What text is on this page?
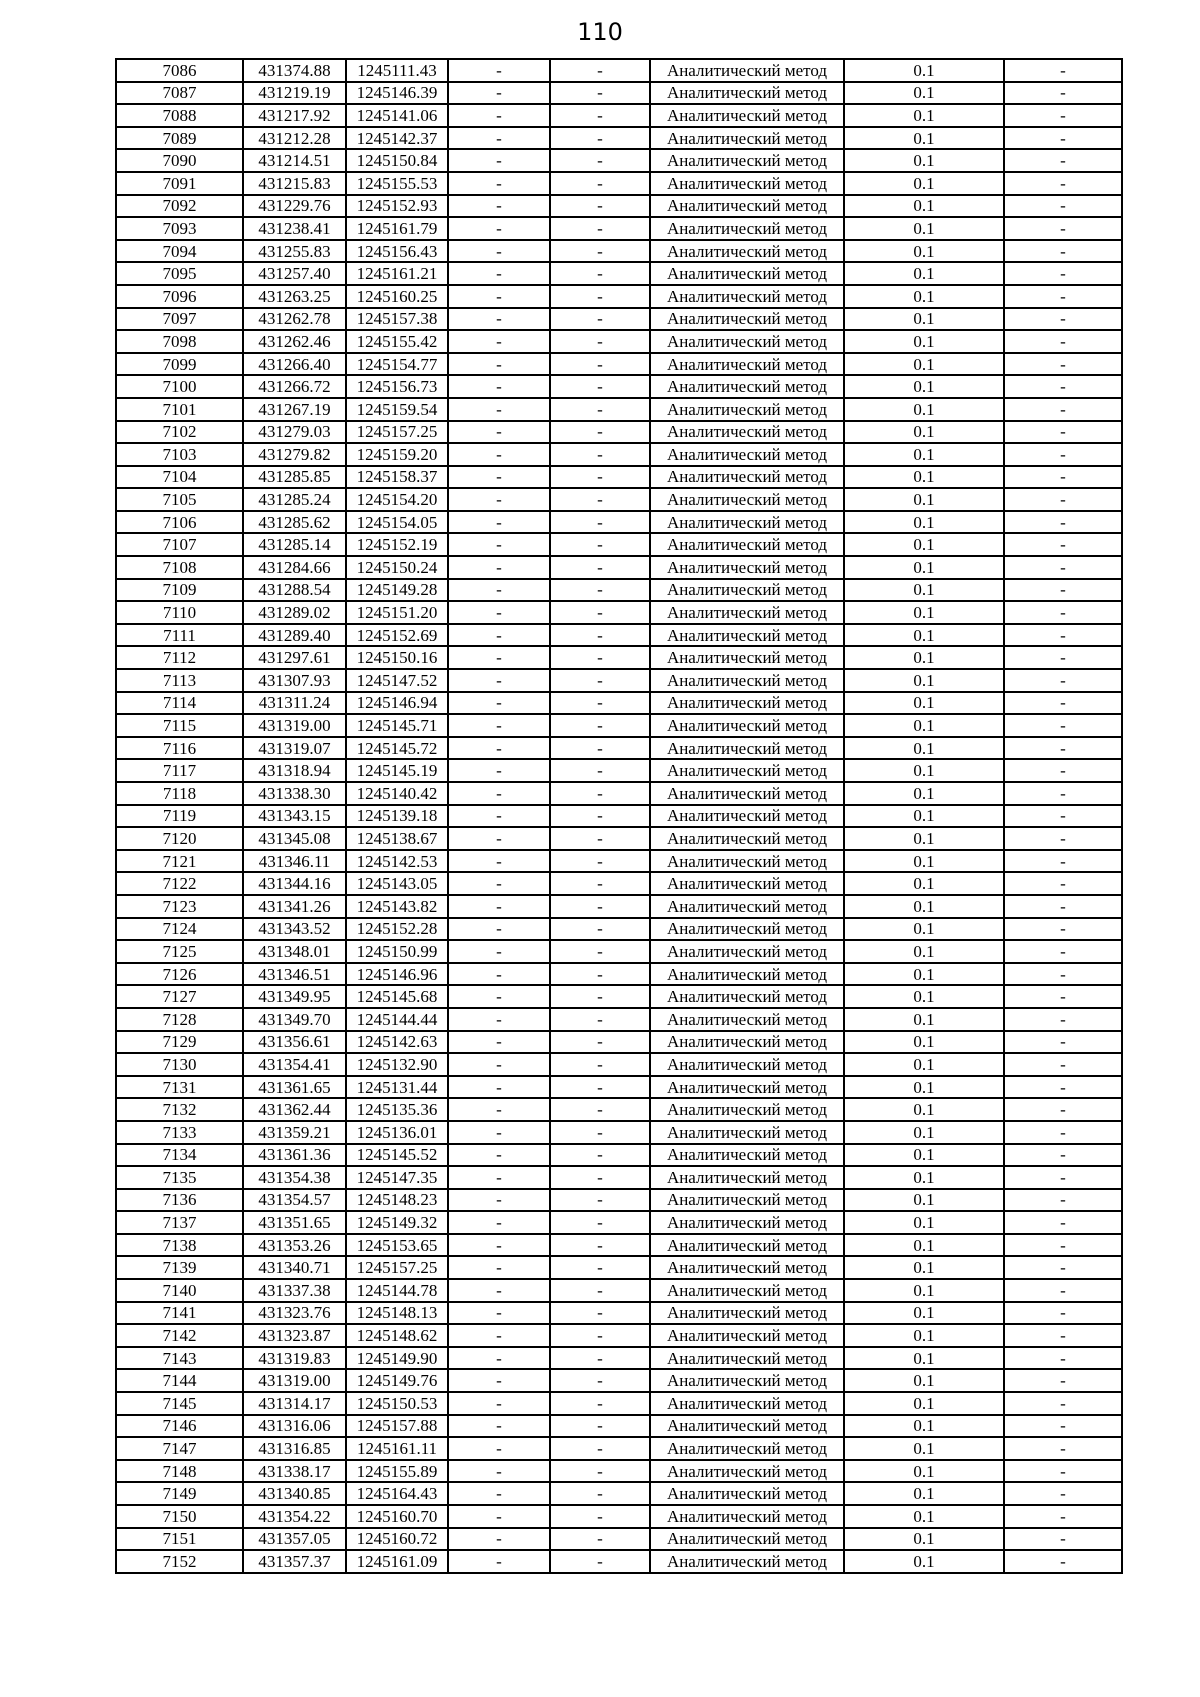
110
7086	431374.88	1245111.43	-	-	Аналитический метод	0.1	-
7087	431219.19	1245146.39	-	-	Аналитический метод	0.1	-
7088	431217.92	1245141.06	-	-	Аналитический метод	0.1	-
7089	431212.28	1245142.37	-	-	Аналитический метод	0.1	-
7090	431214.51	1245150.84	-	-	Аналитический метод	0.1	-
7091	431215.83	1245155.53	-	-	Аналитический метод	0.1	-
7092	431229.76	1245152.93	-	-	Аналитический метод	0.1	-
7093	431238.41	1245161.79	-	-	Аналитический метод	0.1	-
7094	431255.83	1245156.43	-	-	Аналитический метод	0.1	-
7095	431257.40	1245161.21	-	-	Аналитический метод	0.1	-
7096	431263.25	1245160.25	-	-	Аналитический метод	0.1	-
7097	431262.78	1245157.38	-	-	Аналитический метод	0.1	-
7098	431262.46	1245155.42	-	-	Аналитический метод	0.1	-
7099	431266.40	1245154.77	-	-	Аналитический метод	0.1	-
7100	431266.72	1245156.73	-	-	Аналитический метод	0.1	-
7101	431267.19	1245159.54	-	-	Аналитический метод	0.1	-
7102	431279.03	1245157.25	-	-	Аналитический метод	0.1	-
7103	431279.82	1245159.20	-	-	Аналитический метод	0.1	-
7104	431285.85	1245158.37	-	-	Аналитический метод	0.1	-
7105	431285.24	1245154.20	-	-	Аналитический метод	0.1	-
7106	431285.62	1245154.05	-	-	Аналитический метод	0.1	-
7107	431285.14	1245152.19	-	-	Аналитический метод	0.1	-
7108	431284.66	1245150.24	-	-	Аналитический метод	0.1	-
7109	431288.54	1245149.28	-	-	Аналитический метод	0.1	-
7110	431289.02	1245151.20	-	-	Аналитический метод	0.1	-
7111	431289.40	1245152.69	-	-	Аналитический метод	0.1	-
7112	431297.61	1245150.16	-	-	Аналитический метод	0.1	-
7113	431307.93	1245147.52	-	-	Аналитический метод	0.1	-
7114	431311.24	1245146.94	-	-	Аналитический метод	0.1	-
7115	431319.00	1245145.71	-	-	Аналитический метод	0.1	-
7116	431319.07	1245145.72	-	-	Аналитический метод	0.1	-
7117	431318.94	1245145.19	-	-	Аналитический метод	0.1	-
7118	431338.30	1245140.42	-	-	Аналитический метод	0.1	-
7119	431343.15	1245139.18	-	-	Аналитический метод	0.1	-
7120	431345.08	1245138.67	-	-	Аналитический метод	0.1	-
7121	431346.11	1245142.53	-	-	Аналитический метод	0.1	-
7122	431344.16	1245143.05	-	-	Аналитический метод	0.1	-
7123	431341.26	1245143.82	-	-	Аналитический метод	0.1	-
7124	431343.52	1245152.28	-	-	Аналитический метод	0.1	-
7125	431348.01	1245150.99	-	-	Аналитический метод	0.1	-
7126	431346.51	1245146.96	-	-	Аналитический метод	0.1	-
7127	431349.95	1245145.68	-	-	Аналитический метод	0.1	-
7128	431349.70	1245144.44	-	-	Аналитический метод	0.1	-
7129	431356.61	1245142.63	-	-	Аналитический метод	0.1	-
7130	431354.41	1245132.90	-	-	Аналитический метод	0.1	-
7131	431361.65	1245131.44	-	-	Аналитический метод	0.1	-
7132	431362.44	1245135.36	-	-	Аналитический метод	0.1	-
7133	431359.21	1245136.01	-	-	Аналитический метод	0.1	-
7134	431361.36	1245145.52	-	-	Аналитический метод	0.1	-
7135	431354.38	1245147.35	-	-	Аналитический метод	0.1	-
7136	431354.57	1245148.23	-	-	Аналитический метод	0.1	-
7137	431351.65	1245149.32	-	-	Аналитический метод	0.1	-
7138	431353.26	1245153.65	-	-	Аналитический метод	0.1	-
7139	431340.71	1245157.25	-	-	Аналитический метод	0.1	-
7140	431337.38	1245144.78	-	-	Аналитический метод	0.1	-
7141	431323.76	1245148.13	-	-	Аналитический метод	0.1	-
7142	431323.87	1245148.62	-	-	Аналитический метод	0.1	-
7143	431319.83	1245149.90	-	-	Аналитический метод	0.1	-
7144	431319.00	1245149.76	-	-	Аналитический метод	0.1	-
7145	431314.17	1245150.53	-	-	Аналитический метод	0.1	-
7146	431316.06	1245157.88	-	-	Аналитический метод	0.1	-
7147	431316.85	1245161.11	-	-	Аналитический метод	0.1	-
7148	431338.17	1245155.89	-	-	Аналитический метод	0.1	-
7149	431340.85	1245164.43	-	-	Аналитический метод	0.1	-
7150	431354.22	1245160.70	-	-	Аналитический метод	0.1	-
7151	431357.05	1245160.72	-	-	Аналитический метод	0.1	-
7152	431357.37	1245161.09	-	-	Аналитический метод	0.1	-
